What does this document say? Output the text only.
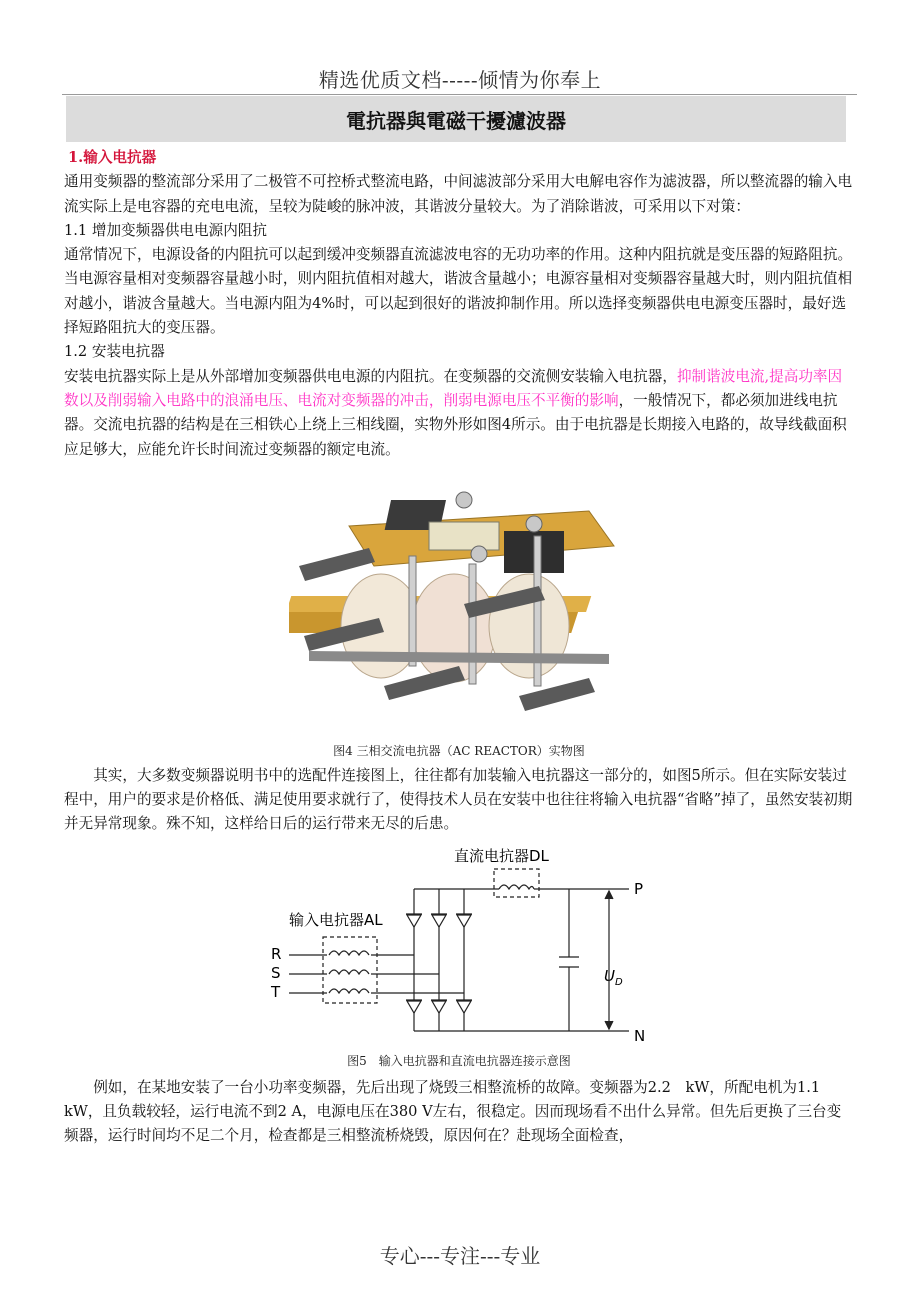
精选优质文档-----倾情为你奉上
電抗器與電磁干擾濾波器

1.输入电抗器

通用变频器的整流部分采用了二极管不可控桥式整流电路，中间滤波部分采用大电解电容作为滤波器，所以整流器的输入电流实际上是电容器的充电电流，呈较为陡峻的脉冲波，其谐波分量较大。为了消除谐波，可采用以下对策：

1.1 增加变频器供电电源内阻抗

通常情况下，电源设备的内阻抗可以起到缓冲变频器直流滤波电容的无功功率的作用。这种内阻抗就是变压器的短路阻抗。当电源容量相对变频器容量越小时，则内阻抗值相对越大，谐波含量越小；电源容量相对变频器容量越大时，则内阻抗值相对越小，谐波含量越大。当电源内阻为4%时，可以起到很好的谐波抑制作用。所以选择变频器供电电源变压器时，最好选择短路阻抗大的变压器。

1.2 安装电抗器

安装电抗器实际上是从外部增加变频器供电电源的内阻抗。在变频器的交流侧安装输入电抗器，抑制谐波电流,提高功率因数以及削弱输入电路中的浪涌电压、电流对变频器的冲击，削弱电源电压不平衡的影响，一般情况下，都必须加进线电抗器。交流电抗器的结构是在三相铁心上绕上三相线圈，实物外形如图4所示。由于电抗器是长期接入电路的，故导线截面积应足够大，应能允许长时间流过变频器的额定电流。

图4 三相交流电抗器（AC REACTOR）实物图

其实，大多数变频器说明书中的选配件连接图上，往往都有加装输入电抗器这一部分的，如图5所示。但在实际安装过程中，用户的要求是价格低、满足使用要求就行了，使得技术人员在安装中也往往将输入电抗器“省略”掉了，虽然安装初期并无异常现象。殊不知，这样给日后的运行带来无尽的后患。

直流电抗器DL
输入电抗器AL
R
S
T
P
N
$U_D$
图5　输入电抗器和直流电抗器连接示意图

例如，在某地安装了一台小功率变频器，先后出现了烧毁三相整流桥的故障。变频器为2.2　kW，所配电机为1.1 kW，且负载较轻，运行电流不到2 A，电源电压在380 V左右，很稳定。因而现场看不出什么异常。但先后更换了三台变频器，运行时间均不足二个月，检查都是三相整流桥烧毁，原因何在？赴现场全面检查，

专心---专注---专业
